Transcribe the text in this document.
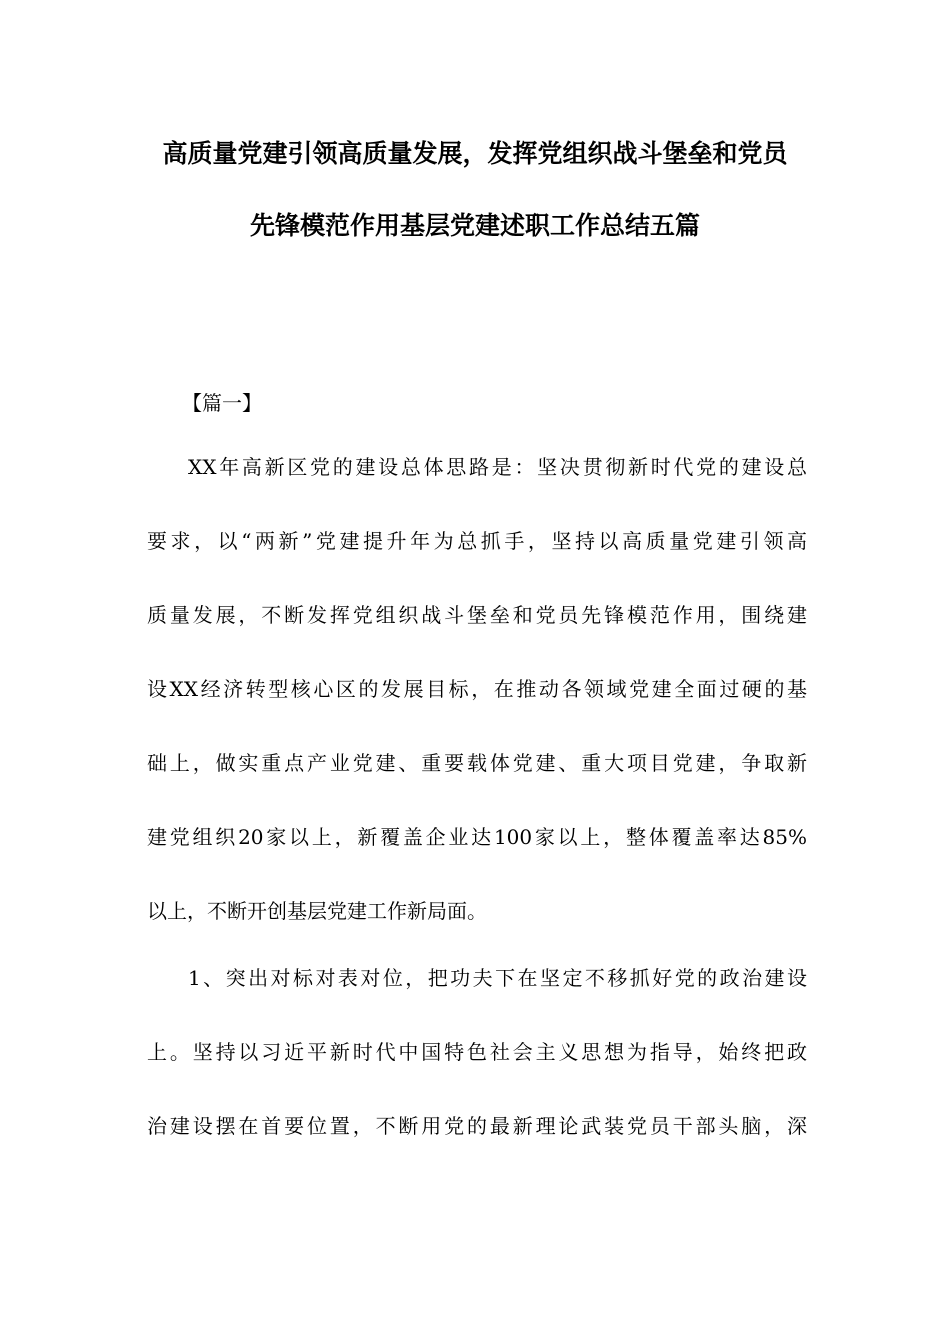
高质量党建引领高质量发展，发挥党组织战斗堡垒和党员
先锋模范作用基层党建述职工作总结五篇
【篇一】
XX年高新区党的建设总体思路是：坚决贯彻新时代党的建设总
要求，以“两新”党建提升年为总抓手，坚持以高质量党建引领高
质量发展，不断发挥党组织战斗堡垒和党员先锋模范作用，围绕建
设XX经济转型核心区的发展目标，在推动各领域党建全面过硬的基
础上，做实重点产业党建、重要载体党建、重大项目党建，争取新
建党组织20家以上，新覆盖企业达100家以上，整体覆盖率达85%
以上，不断开创基层党建工作新局面。
1、突出对标对表对位，把功夫下在坚定不移抓好党的政治建设
上。坚持以习近平新时代中国特色社会主义思想为指导，始终把政
治建设摆在首要位置，不断用党的最新理论武装党员干部头脑，深
